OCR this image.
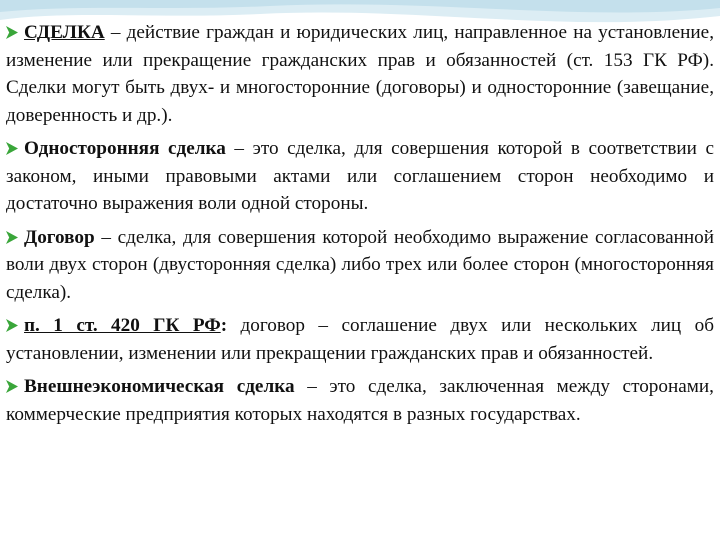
СДЕЛКА – действие граждан и юридических лиц, направленное на установление, изменение или прекращение гражданских прав и обязанностей (ст. 153 ГК РФ). Сделки могут быть двух- и многосторонние (договоры) и односторонние (завещание, доверенность и др.).

Односторонняя сделка – это сделка, для совершения которой в соответствии с законом, иными правовыми актами или соглашением сторон необходимо и достаточно выражения воли одной стороны.

Договор – сделка, для совершения которой необходимо выражение согласованной воли двух сторон (двусторонняя сделка) либо трех или более сторон (многосторонняя сделка).

п. 1 ст. 420 ГК РФ: договор – соглашение двух или нескольких лиц об установлении, изменении или прекращении гражданских прав и обязанностей.

Внешнеэкономическая сделка – это сделка, заключенная между сторонами, коммерческие предприятия которых находятся в разных государствах.
